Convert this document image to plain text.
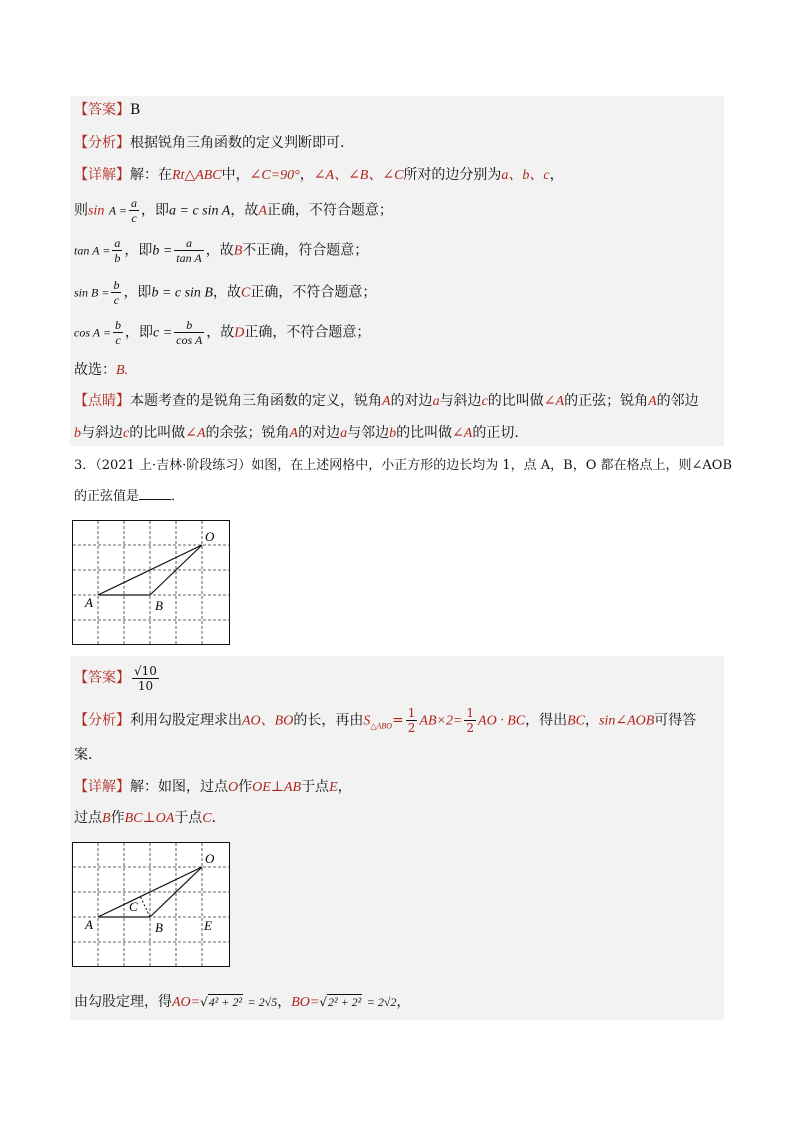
【答案】B
【分析】根据锐角三角函数的定义判断即可．
【详解】解：在Rt△ABC中，∠C=90°，∠A、∠B、∠C所对的边分别为a、b、c，
则$\sin A = \frac{a}{c}$ ，即a = c sin A，故A正确，不符合题意；
$\tan A = \frac{a}{b}$ ，即$b = \frac{a}{\text{tan A}}$ ，故B不正确，符合题意；
$\sin B = \frac{b}{c}$ ，即b = c sin B，故C正确，不符合题意；
$\cos A = \frac{b}{c}$ ，即$c = \frac{b}{\text{cos A}}$ ，故D正确，不符合题意；
故选：B.
【点睛】本题考查的是锐角三角函数的定义，锐角A的对边a与斜边c的比叫做∠A的正弦；锐角A的邻边
b与斜边c的比叫做∠A的余弦；锐角A的对边a与邻边b的比叫做∠A的正切.
3．（2021 上·吉林·阶段练习）如图，在上述网格中，小正方形的边长均为 1，点 A，B，O 都在格点上，则∠AOB
的正弦值是 ．
O
A	B
【答案】 $\frac{√10}{10}$
【分析】利用勾股定理求出AO、BO的长，再由$S_{\triangle ABO}= \frac{1}{2} AB\times 2= \frac{1}{2}$ AO · BC，得出BC，sin∠AOB可得答
案．
【详解】解：如图，过点O作OE⊥AB于点E，
过点B作BC⊥OA于点C．
O
A	B
C
E
由勾股定理，得AO=√4² + 2² = 2√5，BO=√2² + 2² = 2√2，
